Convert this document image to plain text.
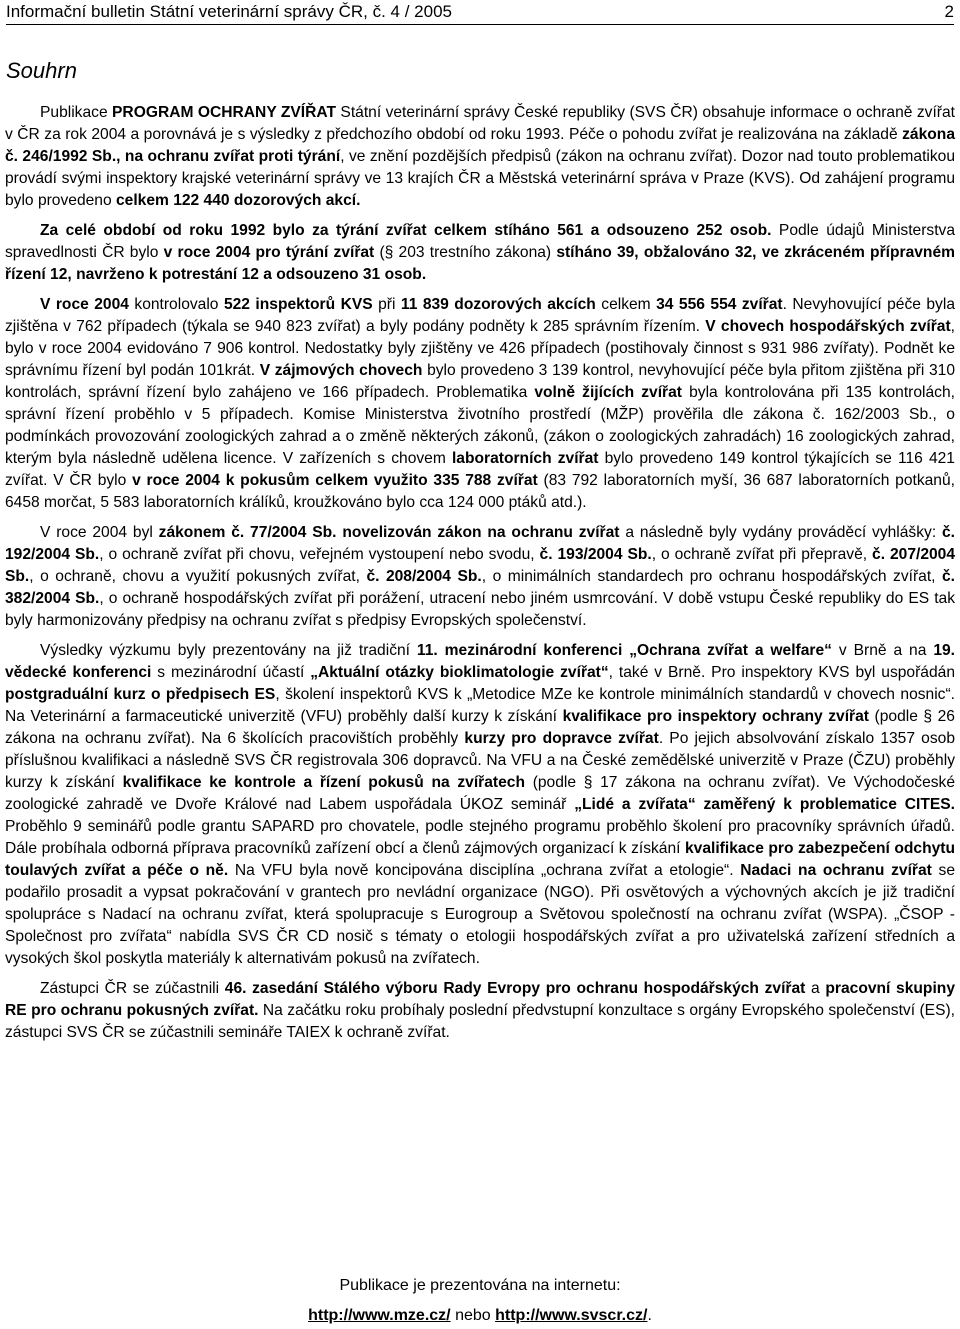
Informační bulletin Státní veterinární správy ČR, č. 4 / 2005	2
Souhrn

Publikace PROGRAM OCHRANY ZVÍŘAT Státní veterinární správy České republiky (SVS ČR) obsahuje informace o ochraně zvířat v ČR za rok 2004 a porovnává je s výsledky z předchozího období od roku 1993. Péče o pohodu zvířat je realizována na základě zákona č. 246/1992 Sb., na ochranu zvířat proti týrání, ve znění pozdějších předpisů (zákon na ochranu zvířat). Dozor nad touto problematikou provádí svými inspektory krajské veterinární správy ve 13 krajích ČR a Městská veterinární správa v Praze (KVS). Od zahájení programu bylo provedeno celkem 122 440 dozorových akcí.

Za celé období od roku 1992 bylo za týrání zvířat celkem stíháno 561 a odsouzeno 252 osob. Podle údajů Ministerstva spravedlnosti ČR bylo v roce 2004 pro týrání zvířat (§ 203 trestního zákona) stíháno 39, obžalováno 32, ve zkráceném přípravném řízení 12, navrženo k potrestání 12 a odsouzeno 31 osob.

V roce 2004 kontrolovalo 522 inspektorů KVS při 11 839 dozorových akcích celkem 34 556 554 zvířat. Nevyhovující péče byla zjištěna v 762 případech (týkala se 940 823 zvířat) a byly podány podněty k 285 správním řízením. V chovech hospodářských zvířat, bylo v roce 2004 evidováno 7 906 kontrol. Nedostatky byly zjištěny ve 426 případech (postihovaly činnost s 931 986 zvířaty). Podnět ke správnímu řízení byl podán 101krát. V zájmových chovech bylo provedeno 3 139 kontrol, nevyhovující péče byla přitom zjištěna při 310 kontrolách, správní řízení bylo zahájeno ve 166 případech. Problematika volně žijících zvířat byla kontrolována při 135 kontrolách, správní řízení proběhlo v 5 případech. Komise Ministerstva životního prostředí (MŽP) prověřila dle zákona č. 162/2003 Sb., o podmínkách provozování zoologických zahrad a o změně některých zákonů, (zákon o zoologických zahradách) 16 zoologických zahrad, kterým byla následně udělena licence. V zařízeních s chovem laboratorních zvířat bylo provedeno 149 kontrol týkajících se 116 421 zvířat. V ČR bylo v roce 2004 k pokusům celkem využito 335 788 zvířat (83 792 laboratorních myší, 36 687 laboratorních potkanů, 6458 morčat, 5 583 laboratorních králíků, kroužkováno bylo cca 124 000 ptáků atd.).

V roce 2004 byl zákonem č. 77/2004 Sb. novelizován zákon na ochranu zvířat a následně byly vydány prováděcí vyhlášky: č. 192/2004 Sb., o ochraně zvířat při chovu, veřejném vystoupení nebo svodu, č. 193/2004 Sb., o ochraně zvířat při přepravě, č. 207/2004 Sb., o ochraně, chovu a využití pokusných zvířat, č. 208/2004 Sb., o minimálních standardech pro ochranu hospodářských zvířat, č. 382/2004 Sb., o ochraně hospodářských zvířat při porážení, utracení nebo jiném usmrcování. V době vstupu České republiky do ES tak byly harmonizovány předpisy na ochranu zvířat s předpisy Evropských společenství.

Výsledky výzkumu byly prezentovány na již tradiční 11. mezinárodní konferenci „Ochrana zvířat a welfare“ v Brně a na 19. vědecké konferenci s mezinárodní účastí „Aktuální otázky bioklimatologie zvířat“, také v Brně. Pro inspektory KVS byl uspořádán postgraduální kurz o předpisech ES, školení inspektorů KVS k „Metodice MZe ke kontrole minimálních standardů v chovech nosnic“. Na Veterinární a farmaceutické univerzitě (VFU) proběhly další kurzy k získání kvalifikace pro inspektory ochrany zvířat (podle § 26 zákona na ochranu zvířat). Na 6 školících pracovištích proběhly kurzy pro dopravce zvířat. Po jejich absolvování získalo 1357 osob příslušnou kvalifikaci a následně SVS ČR registrovala 306 dopravců. Na VFU a na České zemědělské univerzitě v Praze (ČZU) proběhly kurzy k získání kvalifikace ke kontrole a řízení pokusů na zvířatech (podle § 17 zákona na ochranu zvířat). Ve Východočeské zoologické zahradě ve Dvoře Králové nad Labem uspořádala ÚKOZ seminář „Lidé a zvířata“ zaměřený k problematice CITES. Proběhlo 9 seminářů podle grantu SAPARD pro chovatele, podle stejného programu proběhlo školení pro pracovníky správních úřadů. Dále probíhala odborná příprava pracovníků zařízení obcí a členů zájmových organizací k získání kvalifikace pro zabezpečení odchytu toulavých zvířat a péče o ně. Na VFU byla nově koncipována disciplína „ochrana zvířat a etologie“. Nadaci na ochranu zvířat se podařilo prosadit a vypsat pokračování v grantech pro nevládní organizace (NGO). Při osvětových a výchovných akcích je již tradiční spolupráce s Nadací na ochranu zvířat, která spolupracuje s Eurogroup a Světovou společností na ochranu zvířat (WSPA). „ČSOP - Společnost pro zvířata“ nabídla SVS ČR CD nosič s tématy o etologii hospodářských zvířat a pro uživatelská zařízení středních a vysokých škol poskytla materiály k alternativám pokusů na zvířatech.

Zástupci ČR se zúčastnili 46. zasedání Stálého výboru Rady Evropy pro ochranu hospodářských zvířat a pracovní skupiny RE pro ochranu pokusných zvířat. Na začátku roku probíhaly poslední předvstupní konzultace s orgány Evropského společenství (ES), zástupci SVS ČR se zúčastnili semináře TAIEX k ochraně zvířat.

Publikace je prezentována na internetu:
http://www.mze.cz/ nebo http://www.svscr.cz/.
